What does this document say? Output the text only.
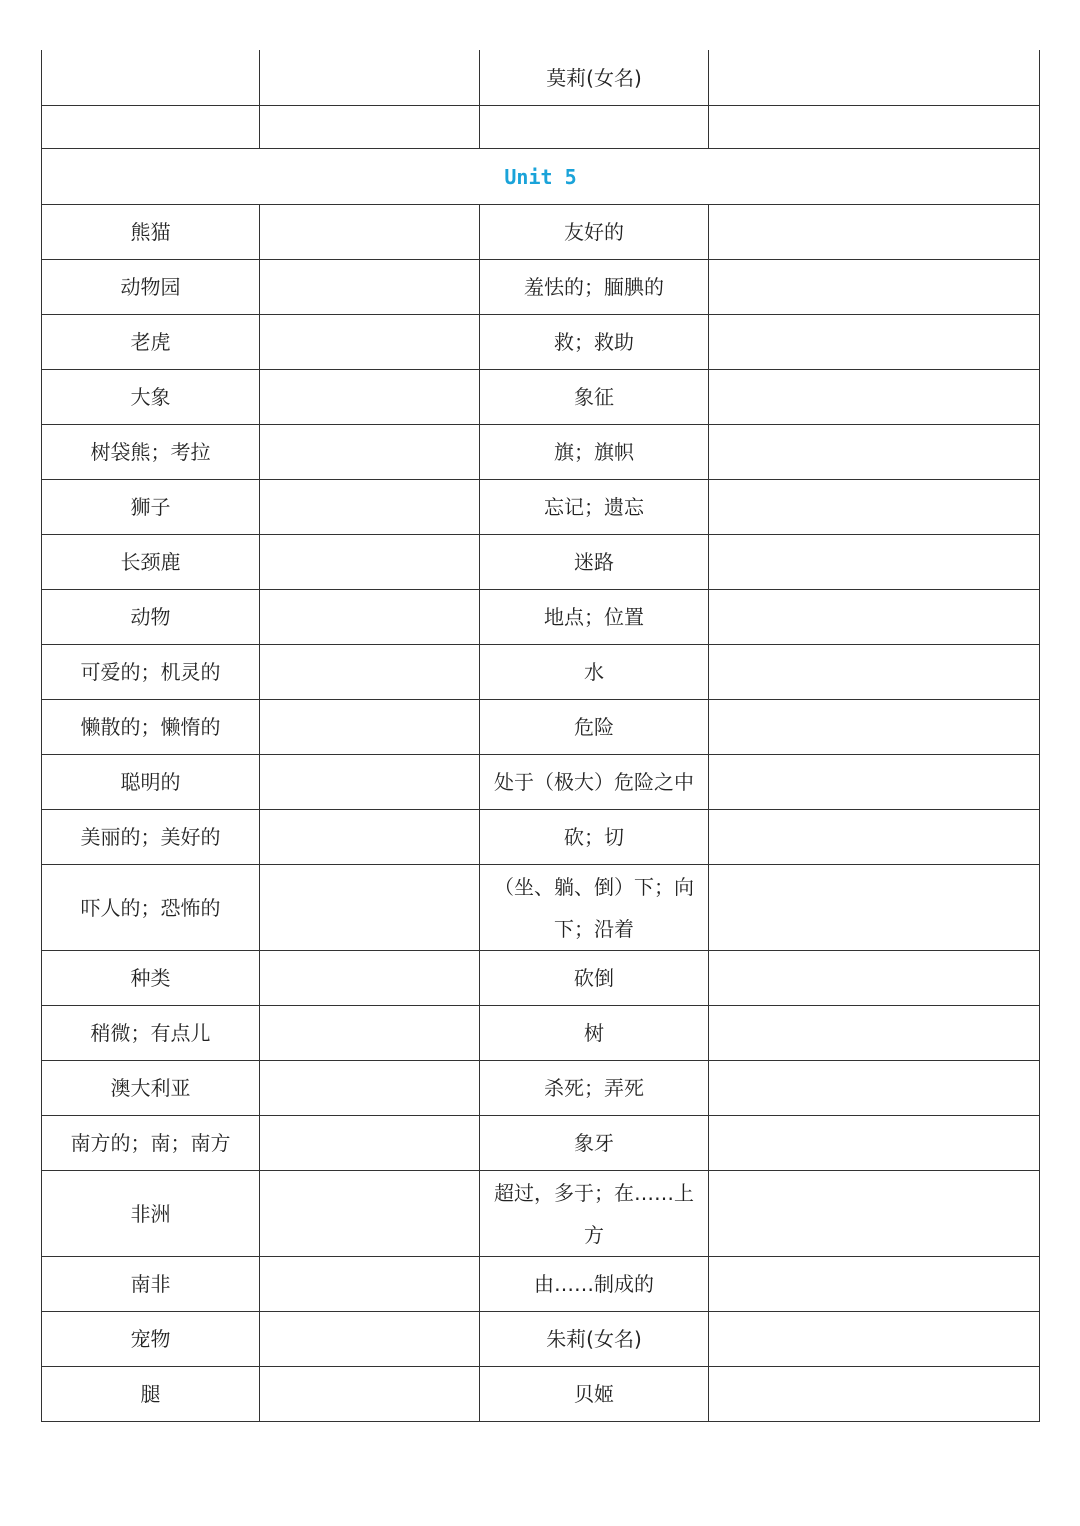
		莫莉(女名)	

Unit 5			
熊猫		友好的	
动物园		羞怯的；腼腆的	
老虎		救；救助	
大象		象征	
树袋熊；考拉		旗；旗帜	
狮子		忘记；遗忘	
长颈鹿		迷路	
动物		地点；位置	
可爱的；机灵的		水	
懒散的；懒惰的		危险	
聪明的		处于（极大）危险之中	
美丽的；美好的		砍；切	
吓人的；恐怖的		（坐、躺、倒）下；向下；沿着	
种类		砍倒	
稍微；有点儿		树	
澳大利亚		杀死；弄死	
南方的；南；南方		象牙	
非洲		超过，多于；在……上方	
南非		由……制成的	
宠物		朱莉(女名)	
腿		贝姬	
